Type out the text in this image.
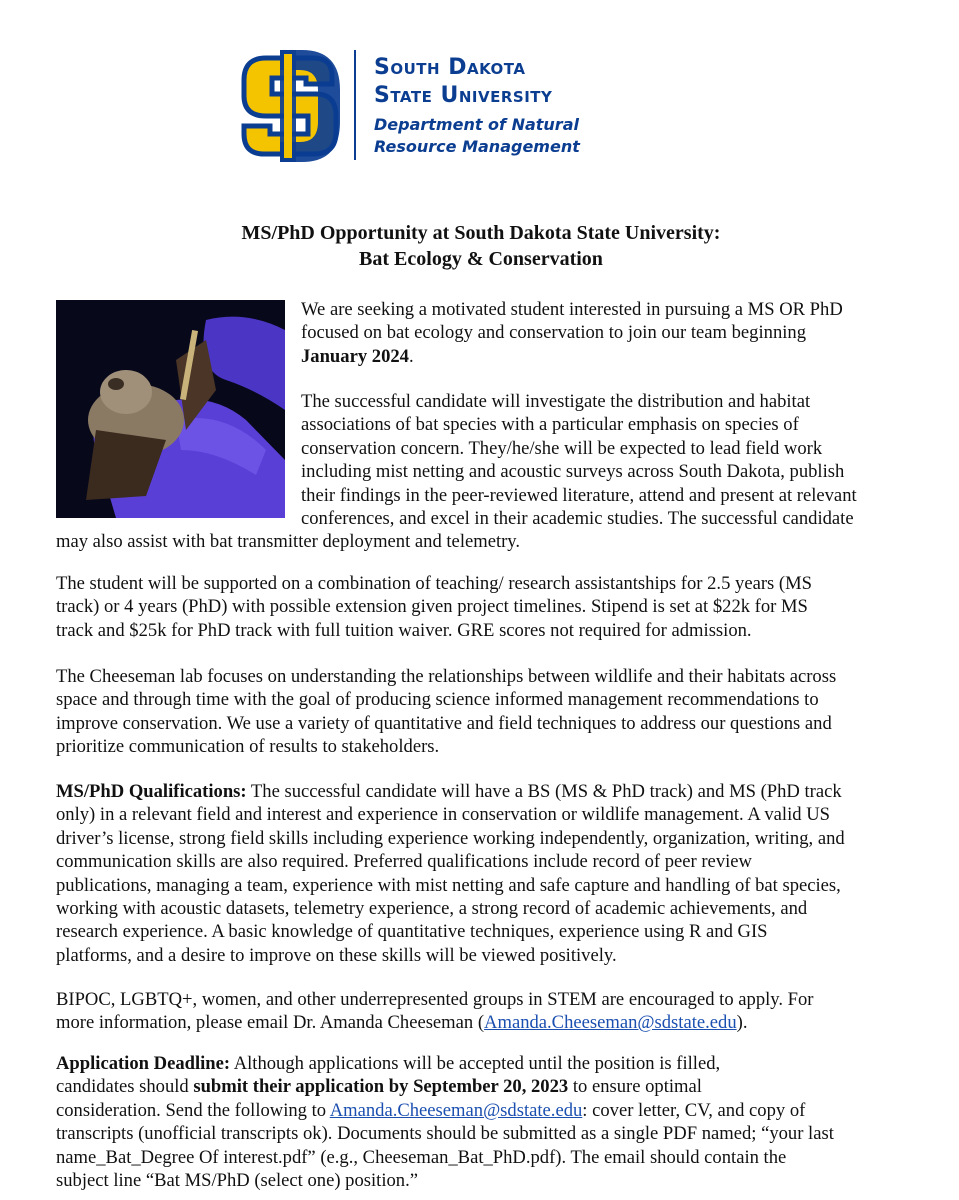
South Dakota
State University
Department of Natural
Resource Management
MS/PhD Opportunity at South Dakota State University:
Bat Ecology & Conservation
We are seeking a motivated student interested in pursuing a MS OR PhD
focused on bat ecology and conservation to join our team beginning
January 2024.
The successful candidate will investigate the distribution and habitat
associations of bat species with a particular emphasis on species of
conservation concern. They/he/she will be expected to lead field work
including mist netting and acoustic surveys across South Dakota, publish
their findings in the peer-reviewed literature, attend and present at relevant
conferences, and excel in their academic studies. The successful candidate
may also assist with bat transmitter deployment and telemetry.
The student will be supported on a combination of teaching/ research assistantships for 2.5 years (MS
track) or 4 years (PhD) with possible extension given project timelines. Stipend is set at $22k for MS
track and $25k for PhD track with full tuition waiver. GRE scores not required for admission.
The Cheeseman lab focuses on understanding the relationships between wildlife and their habitats across
space and through time with the goal of producing science informed management recommendations to
improve conservation. We use a variety of quantitative and field techniques to address our questions and
prioritize communication of results to stakeholders.
MS/PhD Qualifications: The successful candidate will have a BS (MS & PhD track) and MS (PhD track
only) in a relevant field and interest and experience in conservation or wildlife management. A valid US
driver’s license, strong field skills including experience working independently, organization, writing, and
communication skills are also required. Preferred qualifications include record of peer review
publications, managing a team, experience with mist netting and safe capture and handling of bat species,
working with acoustic datasets, telemetry experience, a strong record of academic achievements, and
research experience. A basic knowledge of quantitative techniques, experience using R and GIS
platforms, and a desire to improve on these skills will be viewed positively.
BIPOC, LGBTQ+, women, and other underrepresented groups in STEM are encouraged to apply. For
more information, please email Dr. Amanda Cheeseman (Amanda.Cheeseman@sdstate.edu).
Application Deadline: Although applications will be accepted until the position is filled,
candidates should submit their application by September 20, 2023 to ensure optimal
consideration. Send the following to Amanda.Cheeseman@sdstate.edu: cover letter, CV, and copy of
transcripts (unofficial transcripts ok). Documents should be submitted as a single PDF named; “your last
name_Bat_Degree Of interest.pdf” (e.g., Cheeseman_Bat_PhD.pdf). The email should contain the
subject line “Bat MS/PhD (select one) position.”
